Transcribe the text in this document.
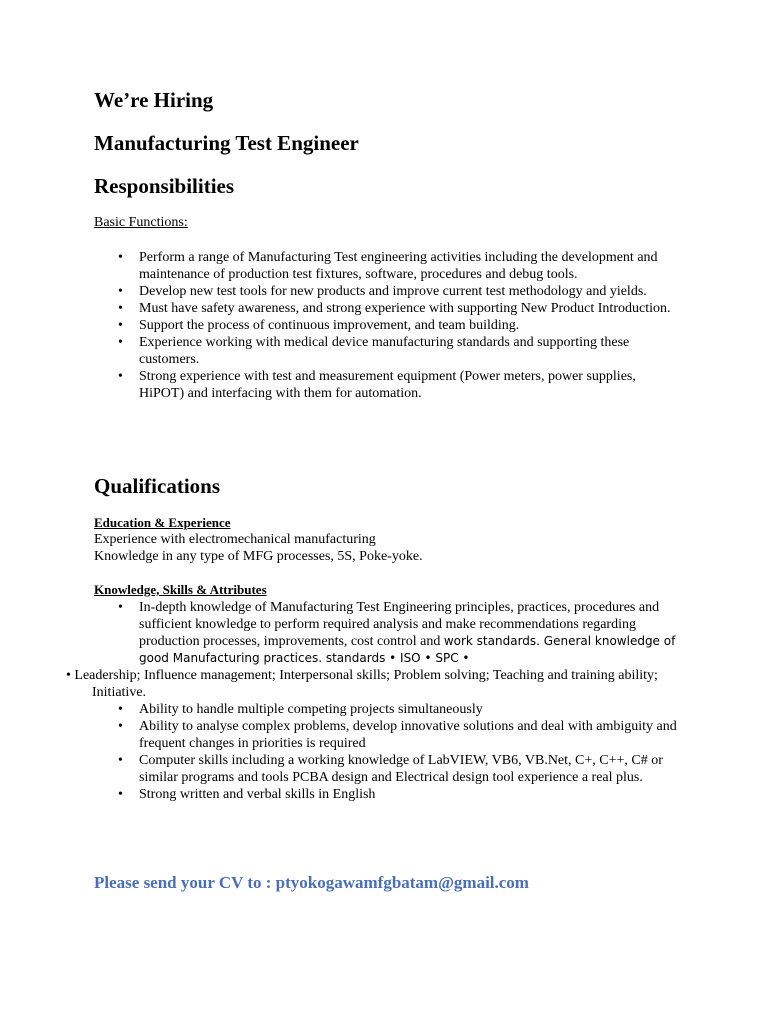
We’re Hiring
Manufacturing Test Engineer
Responsibilities
Basic Functions:
• Perform a range of Manufacturing Test engineering activities including the development and maintenance of production test fixtures, software, procedures and debug tools.
• Develop new test tools for new products and improve current test methodology and yields.
• Must have safety awareness, and strong experience with supporting New Product Introduction.
• Support the process of continuous improvement, and team building.
• Experience working with medical device manufacturing standards and supporting these customers.
• Strong experience with test and measurement equipment (Power meters, power supplies, HiPOT) and interfacing with them for automation.
Qualifications
Education & Experience
Experience with electromechanical manufacturing
Knowledge in any type of MFG processes, 5S, Poke-yoke.
Knowledge, Skills & Attributes
• In-depth knowledge of Manufacturing Test Engineering principles, practices, procedures and sufficient knowledge to perform required analysis and make recommendations regarding production processes, improvements, cost control and work standards. General knowledge of good Manufacturing practices. standards • ISO • SPC •
• Leadership; Influence management; Interpersonal skills; Problem solving; Teaching and training ability; Initiative.
• Ability to handle multiple competing projects simultaneously
• Ability to analyse complex problems, develop innovative solutions and deal with ambiguity and frequent changes in priorities is required
• Computer skills including a working knowledge of LabVIEW, VB6, VB.Net, C+, C++, C# or similar programs and tools PCBA design and Electrical design tool experience a real plus.
• Strong written and verbal skills in English
Please send your CV to : ptyokogawamfgbatam@gmail.com
